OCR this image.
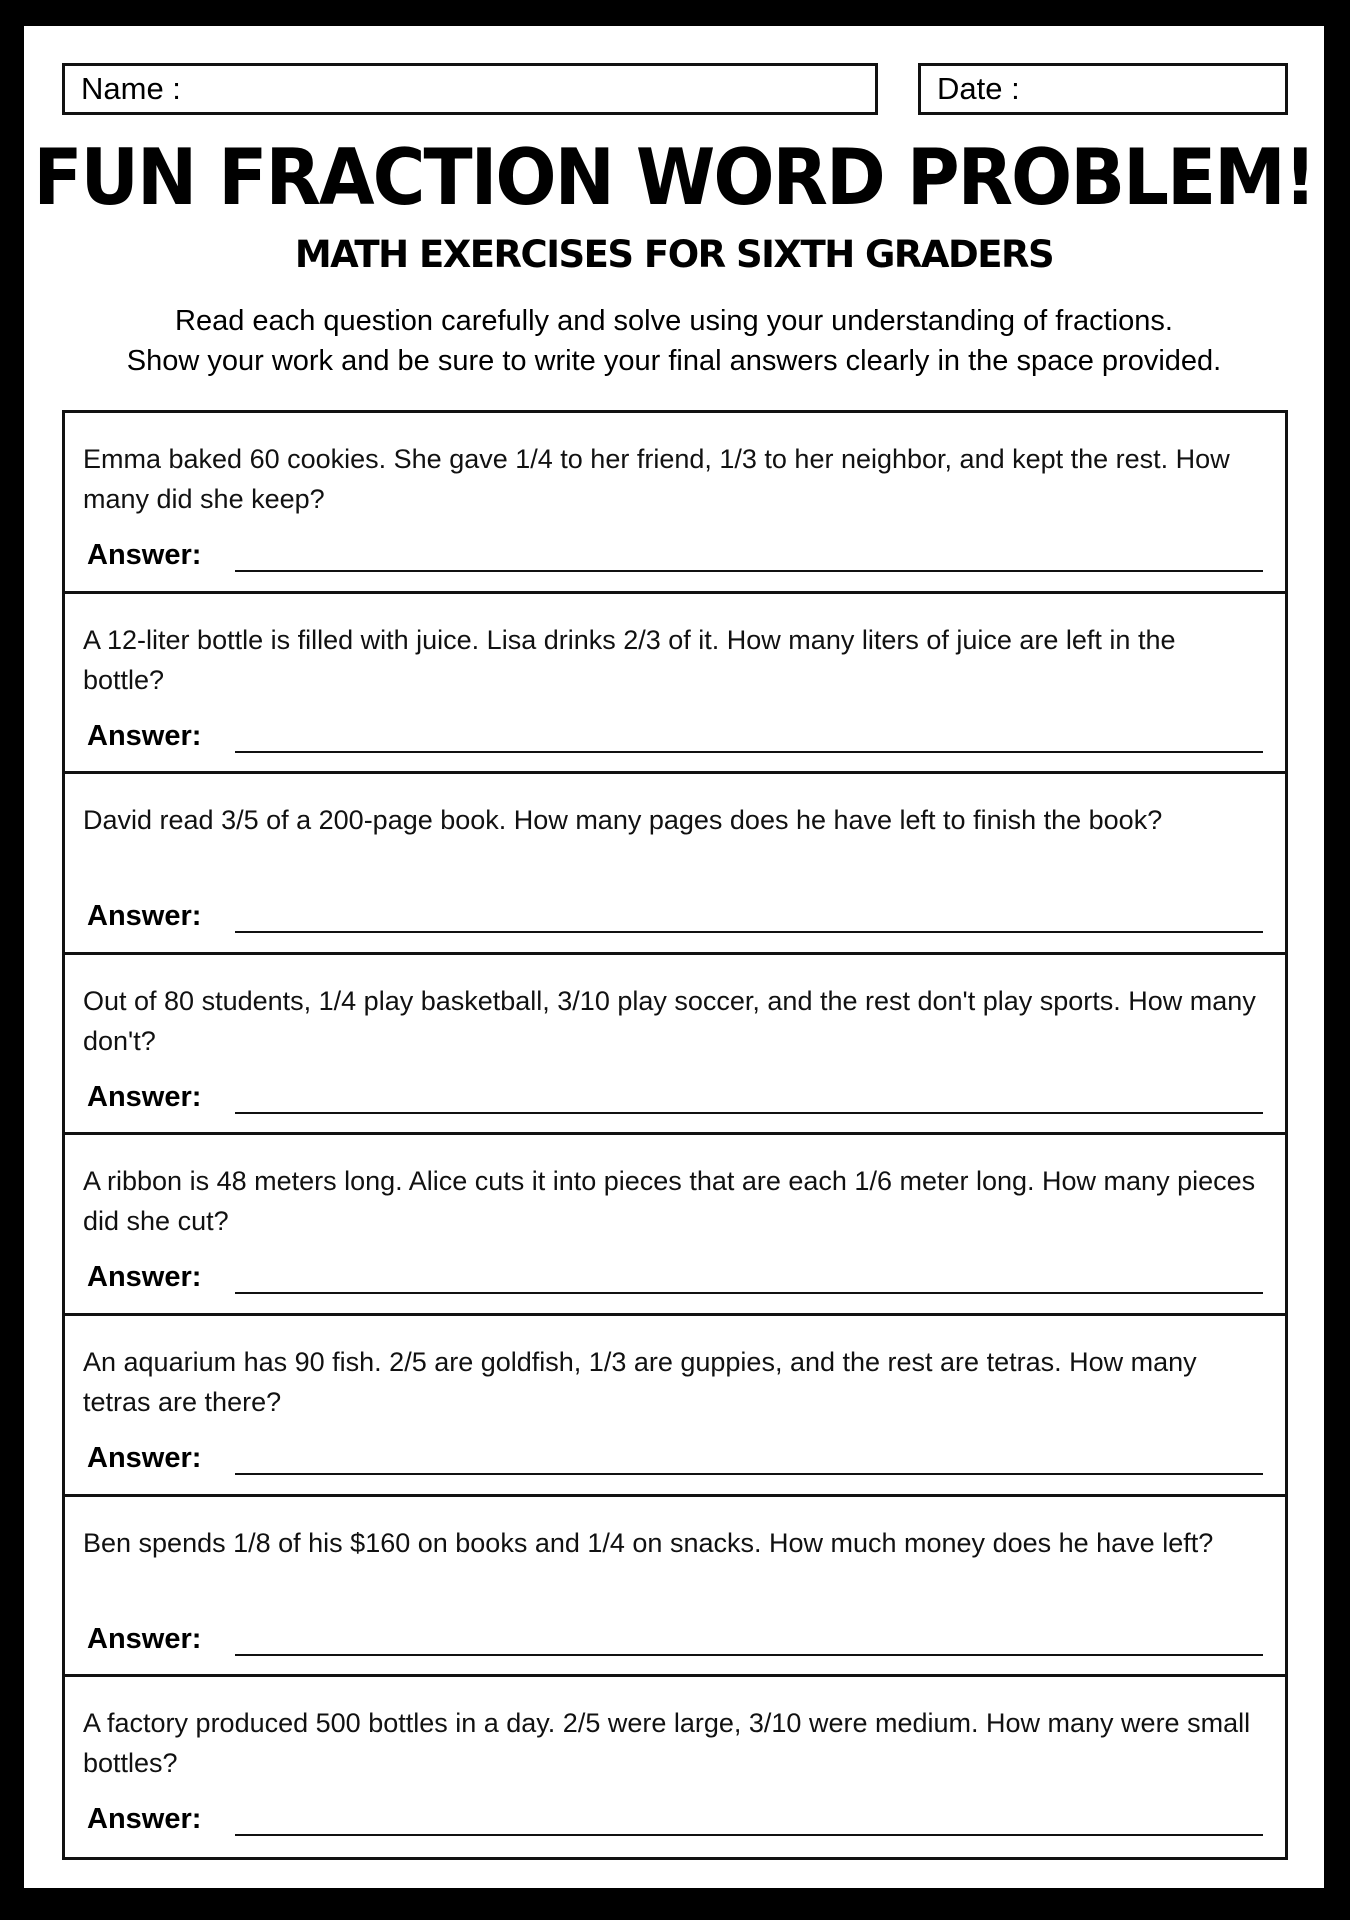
Name :	Date :
FUN FRACTION WORD PROBLEM!
MATH EXERCISES FOR SIXTH GRADERS
Read each question carefully and solve using your understanding of fractions.
Show your work and be sure to write your final answers clearly in the space provided.
Emma baked 60 cookies. She gave 1/4 to her friend, 1/3 to her neighbor, and kept the rest. How many did she keep?
Answer:
A 12-liter bottle is filled with juice. Lisa drinks 2/3 of it. How many liters of juice are left in the bottle?
Answer:
David read 3/5 of a 200-page book. How many pages does he have left to finish the book?
Answer:
Out of 80 students, 1/4 play basketball, 3/10 play soccer, and the rest don't play sports. How many don't?
Answer:
A ribbon is 48 meters long. Alice cuts it into pieces that are each 1/6 meter long. How many pieces did she cut?
Answer:
An aquarium has 90 fish. 2/5 are goldfish, 1/3 are guppies, and the rest are tetras. How many tetras are there?
Answer:
Ben spends 1/8 of his $160 on books and 1/4 on snacks. How much money does he have left?
Answer:
A factory produced 500 bottles in a day. 2/5 were large, 3/10 were medium. How many were small bottles?
Answer:
